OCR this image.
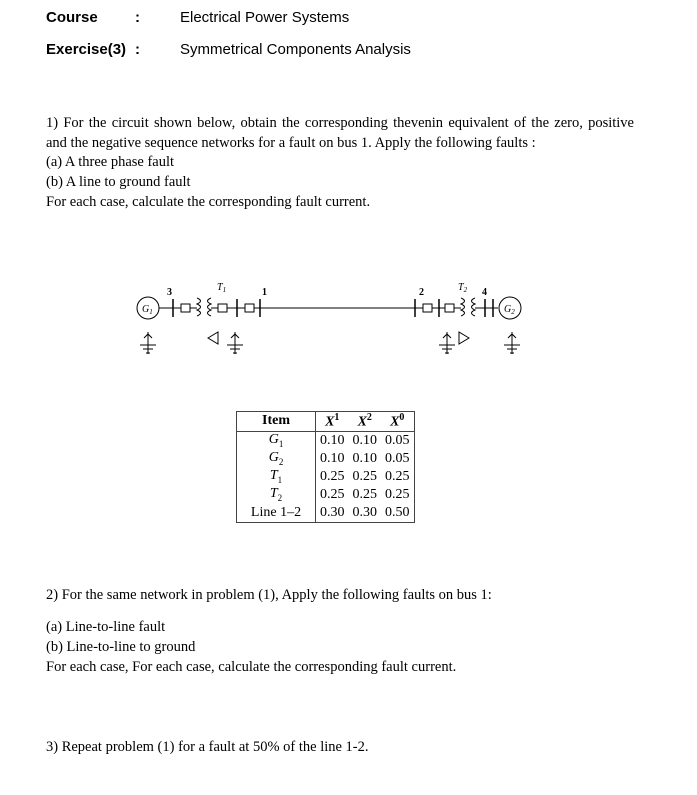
Course :	Electrical Power Systems
Exercise(3) :	Symmetrical Components Analysis
1) For the circuit shown below, obtain the corresponding thevenin equivalent of the zero, positive and the negative sequence networks for a fault on bus 1. Apply the following faults :
(a) A three phase fault
(b) A line to ground fault
For each case, calculate the corresponding fault current.
$G_1$
3	$T_1$	1	2	$T_2$ 4
$G_2$
Item	$X^1$	$X^2$	$X^0$
$G_1$	0.10	0.10	0.05
$G_2$	0.10	0.10	0.05
$T_1$	0.25	0.25	0.25
$T_2$	0.25	0.25	0.25
Line 1–2	0.30	0.30	0.50
2) For the same network in problem (1), Apply the following faults on bus 1:
(a) Line-to-line fault
(b) Line-to-line to ground
For each case, For each case, calculate the corresponding fault current.
3) Repeat problem (1) for a fault at 50% of the line 1-2.
